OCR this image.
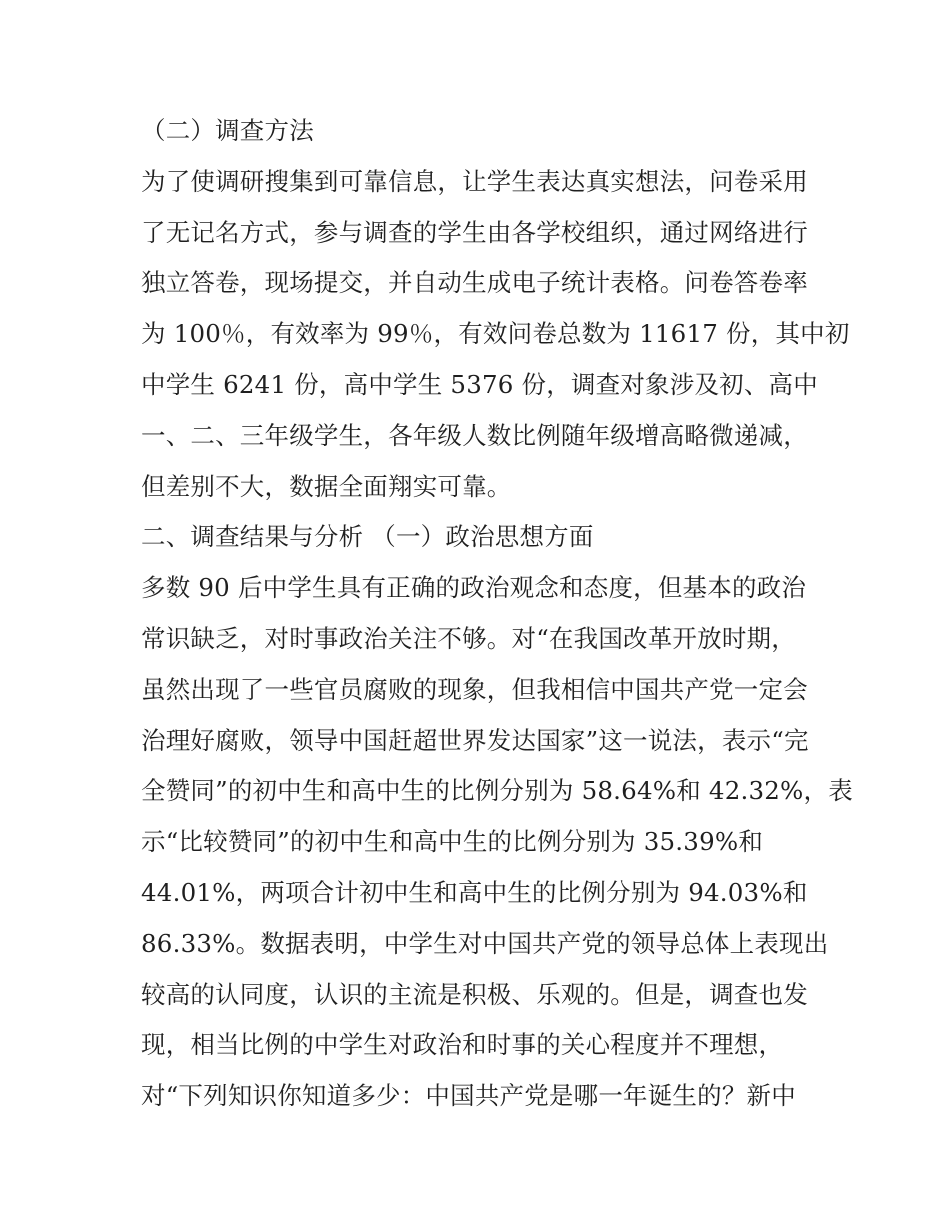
（二）调查方法
为了使调研搜集到可靠信息，让学生表达真实想法，问卷采用
了无记名方式，参与调查的学生由各学校组织，通过网络进行
独立答卷，现场提交，并自动生成电子统计表格。问卷答卷率
为 100％，有效率为 99％，有效问卷总数为 11617 份，其中初
中学生 6241 份，高中学生 5376 份，调查对象涉及初、高中
一、二、三年级学生，各年级人数比例随年级增高略微递减，
但差别不大，数据全面翔实可靠。
二、调查结果与分析 （一）政治思想方面
多数 90 后中学生具有正确的政治观念和态度，但基本的政治
常识缺乏，对时事政治关注不够。对“在我国改革开放时期，
虽然出现了一些官员腐败的现象，但我相信中国共产党一定会
治理好腐败，领导中国赶超世界发达国家”这一说法，表示“完
全赞同”的初中生和高中生的比例分别为 58.64%和 42.32%，表
示“比较赞同”的初中生和高中生的比例分别为 35.39%和
44.01%，两项合计初中生和高中生的比例分别为 94.03%和
86.33%。数据表明，中学生对中国共产党的领导总体上表现出
较高的认同度，认识的主流是积极、乐观的。但是，调查也发
现，相当比例的中学生对政治和时事的关心程度并不理想，
对“下列知识你知道多少：中国共产党是哪一年诞生的？新中
